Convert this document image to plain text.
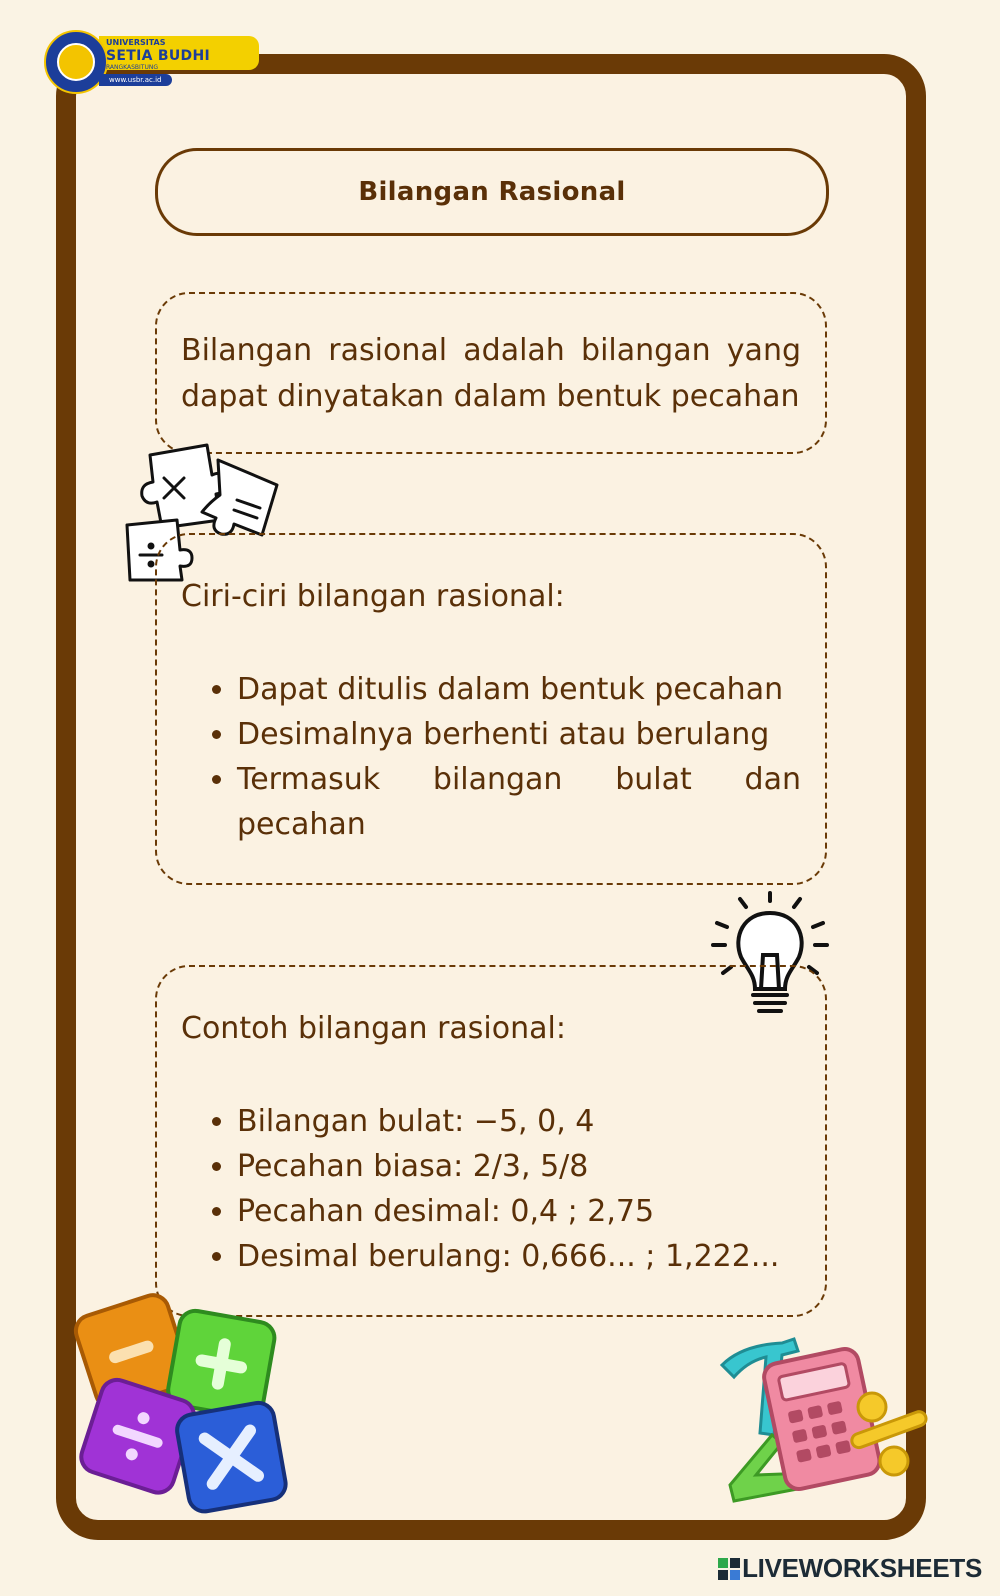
UNIVERSITAS
SETIA BUDHI
RANGKASBITUNG
www.usbr.ac.id
Bilangan Rasional
Bilangan rasional adalah bilangan yang dapat dinyatakan dalam bentuk pecahan
Ciri-ciri bilangan rasional:
• Dapat ditulis dalam bentuk pecahan
• Desimalnya berhenti atau berulang
• Termasuk bilangan bulat dan pecahan
Contoh bilangan rasional:
• Bilangan bulat: −5, 0, 4
• Pecahan biasa: 2/3, 5/8
• Pecahan desimal: 0,4 ; 2,75
• Desimal berulang: 0,666... ; 1,222...
LIVEWORKSHEETS
